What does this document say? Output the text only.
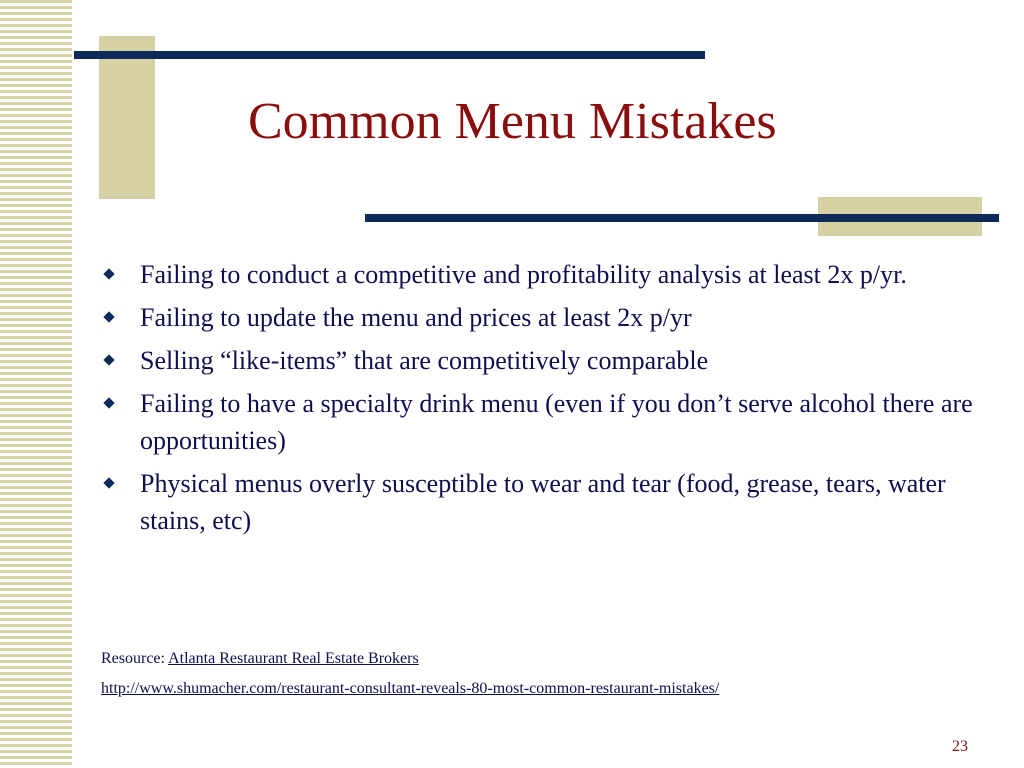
Common Menu Mistakes
Failing to conduct a competitive and profitability analysis at least 2x p/yr.
Failing to update the menu and prices at least 2x p/yr
Selling “like-items” that are competitively comparable
Failing to have a specialty drink menu (even if you don’t serve alcohol there are opportunities)
Physical menus overly susceptible to wear and tear (food, grease, tears, water stains, etc)
Resource: Atlanta Restaurant Real Estate Brokers
http://www.shumacher.com/restaurant-consultant-reveals-80-most-common-restaurant-mistakes/
23
